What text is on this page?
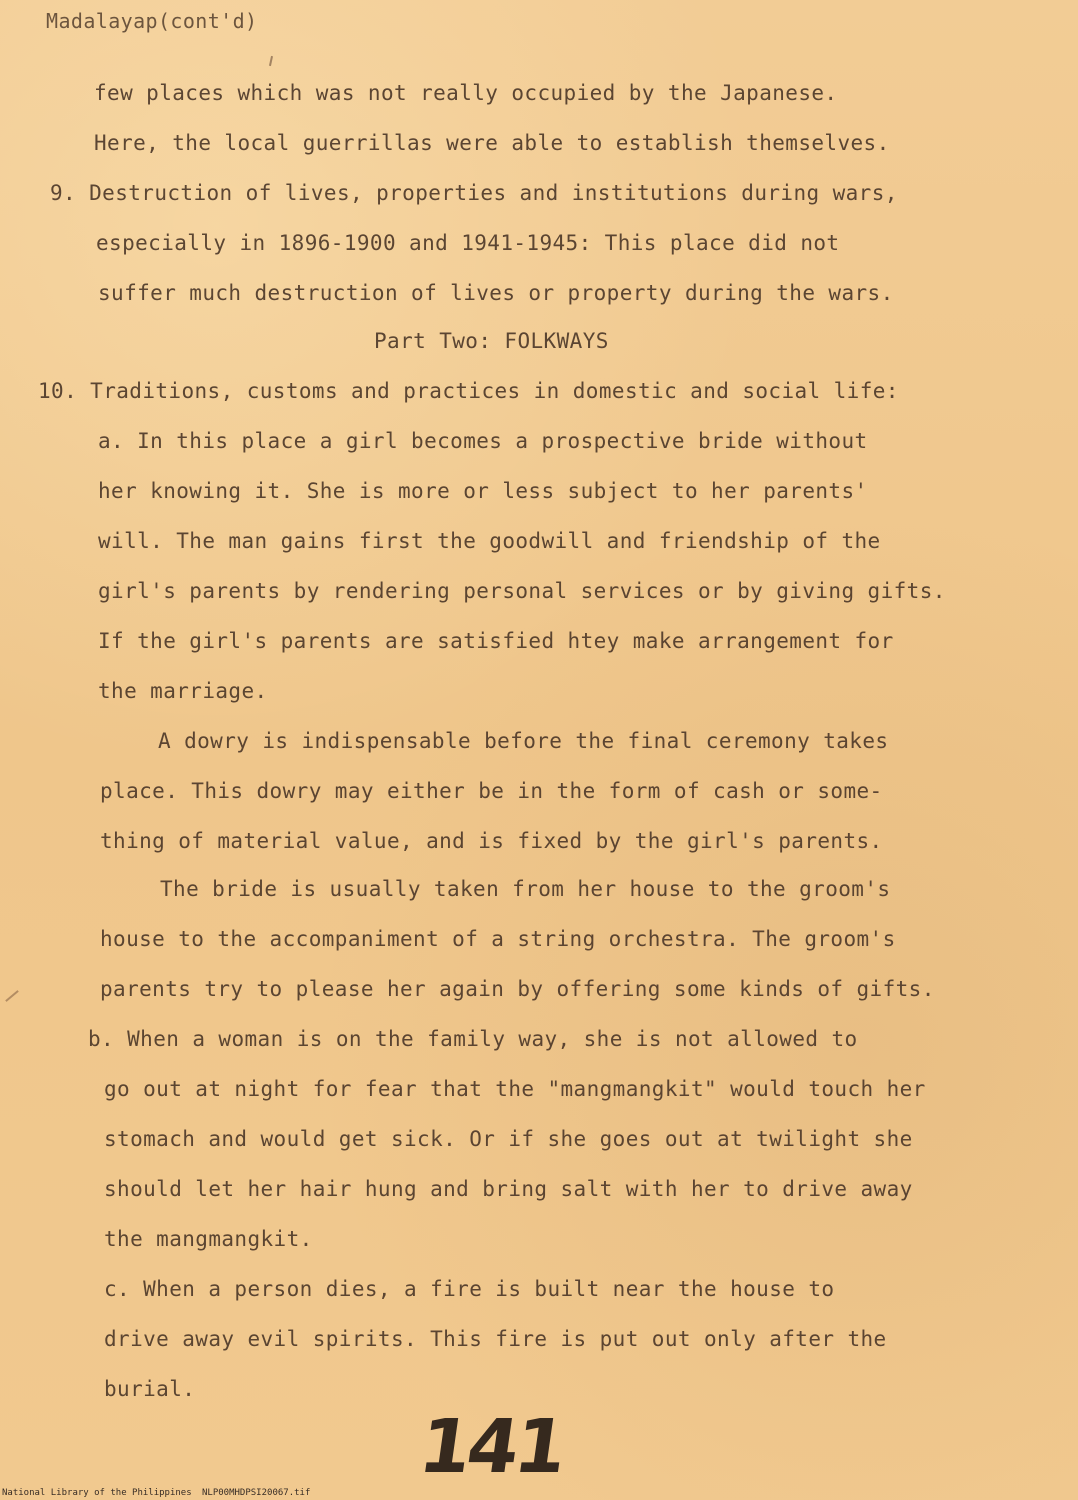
Madalayap(cont'd)
few places which was not really occupied by the Japanese.
Here, the local guerrillas were able to establish themselves.
9. Destruction of lives, properties and institutions during wars,
especially in 1896-1900 and 1941-1945: This place did not
suffer much destruction of lives or property during the wars.
Part Two: FOLKWAYS
10. Traditions, customs and practices in domestic and social life:
a. In this place a girl becomes a prospective bride without
her knowing it. She is more or less subject to her parents'
will. The man gains first the goodwill and friendship of the
girl's parents by rendering personal services or by giving gifts.
If the girl's parents are satisfied htey make arrangement for
the marriage.
A dowry is indispensable before the final ceremony takes
place. This dowry may either be in the form of cash or some-
thing of material value, and is fixed by the girl's parents.
The bride is usually taken from her house to the groom's
house to the accompaniment of a string orchestra. The groom's
parents try to please her again by offering some kinds of gifts.
b. When a woman is on the family way, she is not allowed to
go out at night for fear that the "mangmangkit" would touch her
stomach and would get sick. Or if she goes out at twilight she
should let her hair hung and bring salt with her to drive away
the mangmangkit.
c. When a person dies, a fire is built near the house to
drive away evil spirits. This fire is put out only after the
burial.
141
National Library of the Philippines NLP00MHDPSI20067.tif
